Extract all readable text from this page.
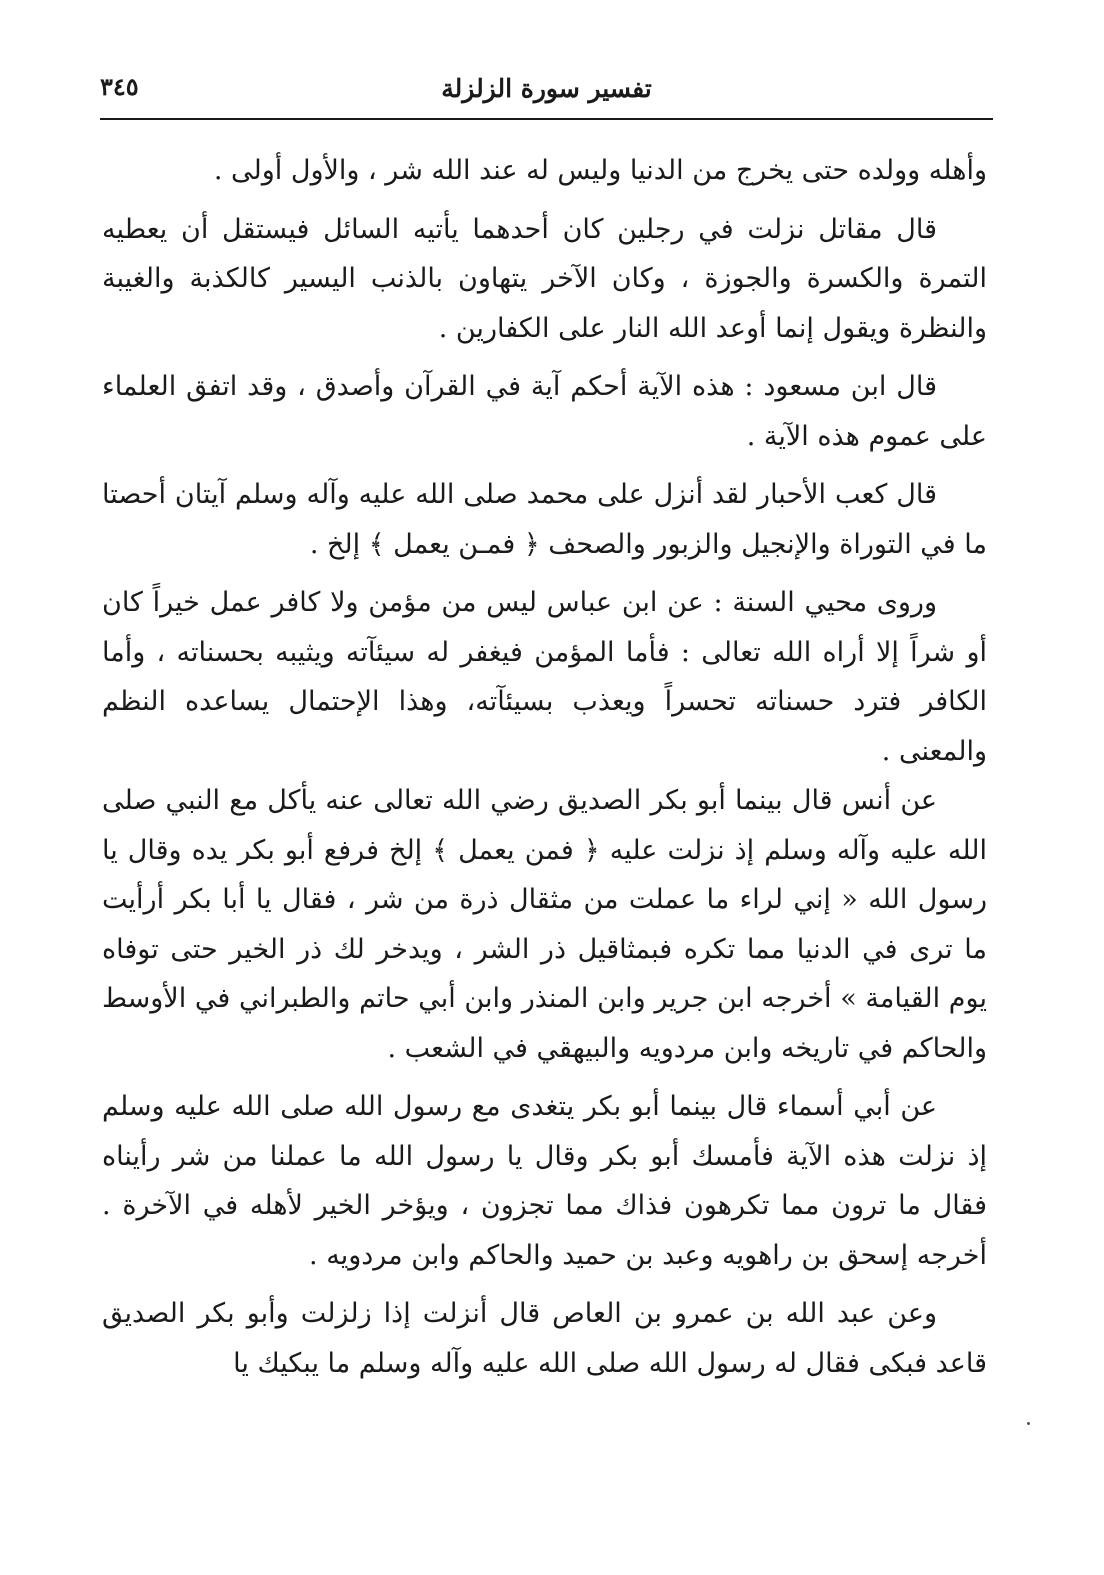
تفسير سورة الزلزلة
٣٤٥

وأهله وولده حتى يخرج من الدنيا وليس له عند الله شر ، والأول أولى .

قال مقاتل نزلت في رجلين كان أحدهما يأتيه السائل فيستقل أن يعطيه التمرة والكسرة والجوزة ، وكان الآخر يتهاون بالذنب اليسير كالكذبة والغيبة والنظرة ويقول إنما أوعد الله النار على الكفارين .

قال ابن مسعود : هذه الآية أحكم آية في القرآن وأصدق ، وقد اتفق العلماء على عموم هذه الآية .

قال كعب الأحبار لقد أنزل على محمد صلى الله عليه وآله وسلم آيتان أحصتا ما في التوراة والإنجيل والزبور والصحف ﴿ فمـن يعمل ﴾ إلخ .

وروى محيي السنة : عن ابن عباس ليس من مؤمن ولا كافر عمل خيراً كان أو شراً إلا أراه الله تعالى : فأما المؤمن فيغفر له سيئآته ويثيبه بحسناته ، وأما الكافر فترد حسناته تحسراً ويعذب بسيئآته، وهذا الإحتمال يساعده النظم والمعنى .

عن أنس قال بينما أبو بكر الصديق رضي الله تعالى عنه يأكل مع النبي صلى الله عليه وآله وسلم إذ نزلت عليه ﴿ فمن يعمل ﴾ إلخ فرفع أبو بكر يده وقال يا رسول الله « إني لراء ما عملت من مثقال ذرة من شر ، فقال يا أبا بكر أرأيت ما ترى في الدنيا مما تكره فبمثاقيل ذر الشر ، ويدخر لك ذر الخير حتى توفاه يوم القيامة » أخرجه ابن جرير وابن المنذر وابن أبي حاتم والطبراني في الأوسط والحاكم في تاريخه وابن مردويه والبيهقي في الشعب .

عن أبي أسماء قال بينما أبو بكر يتغدى مع رسول الله صلى الله عليه وسلم إذ نزلت هذه الآية فأمسك أبو بكر وقال يا رسول الله ما عملنا من شر رأيناه فقال ما ترون مما تكرهون فذاك مما تجزون ، ويؤخر الخير لأهله في الآخرة . أخرجه إسحق بن راهويه وعبد بن حميد والحاكم وابن مردويه .

وعن عبد الله بن عمرو بن العاص قال أنزلت إذا زلزلت وأبو بكر الصديق قاعد فبكى فقال له رسول الله صلى الله عليه وآله وسلم ما يبكيك يا
